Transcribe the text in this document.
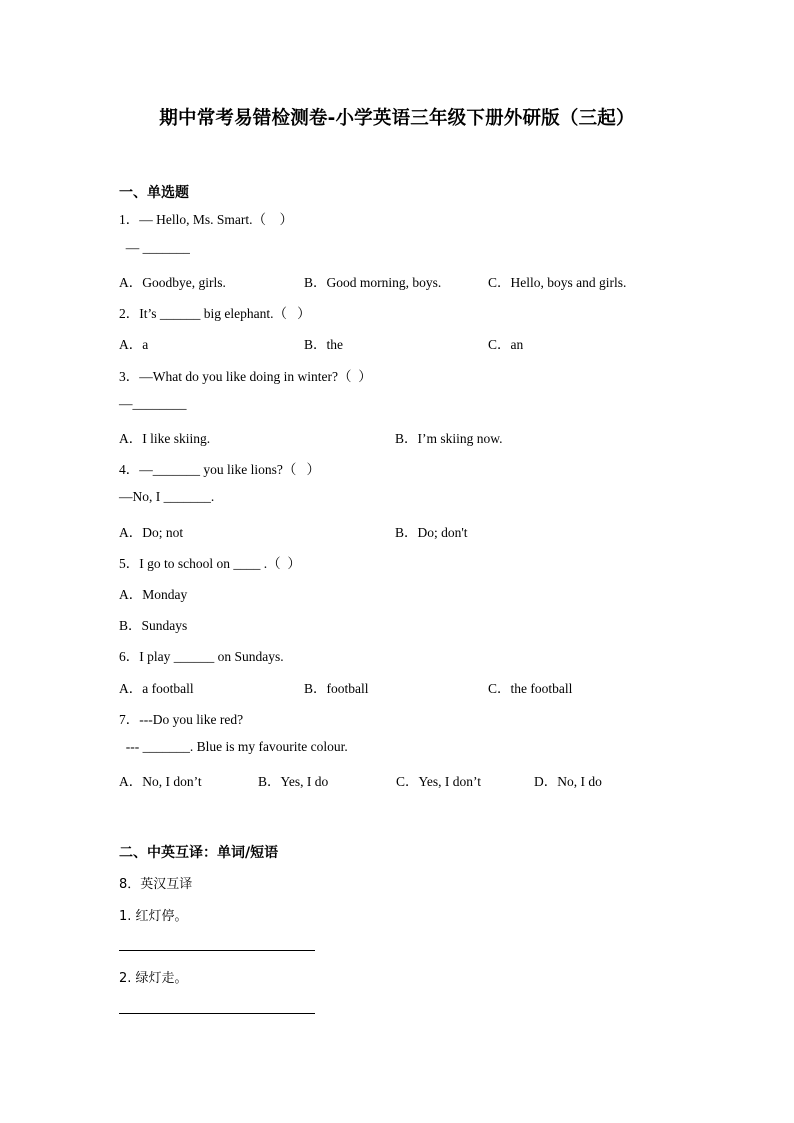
期中常考易错检测卷-小学英语三年级下册外研版（三起）
一、单选题
1．— Hello, Ms. Smart.（    ）
— _______
A．Goodbye, girls.	B．Good morning, boys.	C．Hello, boys and girls.
2．It’s ______ big elephant.（   ）
A．a	B．the	C．an
3．—What do you like doing in winter?（  ）
—________
A．I like skiing.	B．I’m skiing now.
4．—_______ you like lions?（   ）
—No, I _______.
A．Do; not	B．Do; don't
5．I go to school on ____ .（  ）
A．Monday
B．Sundays
6．I play ______ on Sundays.
A．a football	B．football	C．the football
7．---Do you like red?
--- _______. Blue is my favourite colour.
A．No, I don’t	B．Yes, I do	C．Yes, I don’t	D．No, I do
二、中英互译：单词/短语
8．英汉互译
1. 红灯停。
2. 绿灯走。
